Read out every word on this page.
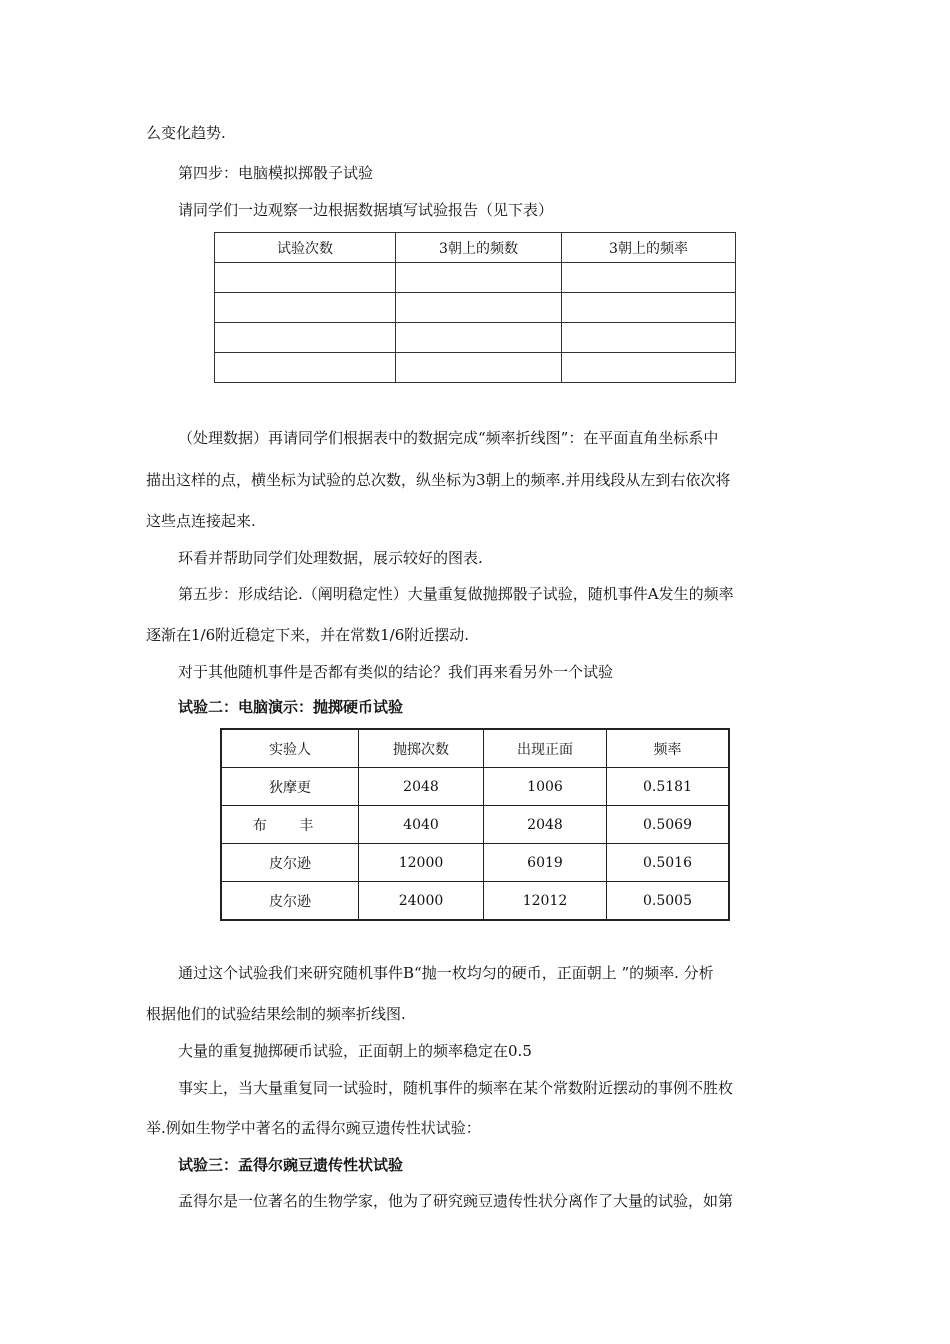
么变化趋势.
第四步：电脑模拟掷骰子试验
请同学们一边观察一边根据数据填写试验报告（见下表）
试验次数	3朝上的频数	3朝上的频率

（处理数据）再请同学们根据表中的数据完成“频率折线图”：在平面直角坐标系中
描出这样的点，横坐标为试验的总次数，纵坐标为3朝上的频率.并用线段从左到右依次将
这些点连接起来.
环看并帮助同学们处理数据，展示较好的图表.
第五步：形成结论.（阐明稳定性）大量重复做抛掷骰子试验，随机事件A发生的频率
逐渐在1/6附近稳定下来，并在常数1/6附近摆动.
对于其他随机事件是否都有类似的结论？我们再来看另外一个试验
试验二：电脑演示：抛掷硬币试验
实验人	抛掷次数	出现正面	频率
狄摩更	2048	1006	0.5181
布 丰	4040	2048	0.5069
皮尔逊	12000	6019	0.5016
皮尔逊	24000	12012	0.5005
通过这个试验我们来研究随机事件B“抛一枚均匀的硬币，正面朝上 ”的频率. 分析
根据他们的试验结果绘制的频率折线图.
大量的重复抛掷硬币试验，正面朝上的频率稳定在0.5
事实上，当大量重复同一试验时，随机事件的频率在某个常数附近摆动的事例不胜枚
举.例如生物学中著名的孟得尔豌豆遗传性状试验：
试验三：孟得尔豌豆遗传性状试验
孟得尔是一位著名的生物学家，他为了研究豌豆遗传性状分离作了大量的试验，如第
